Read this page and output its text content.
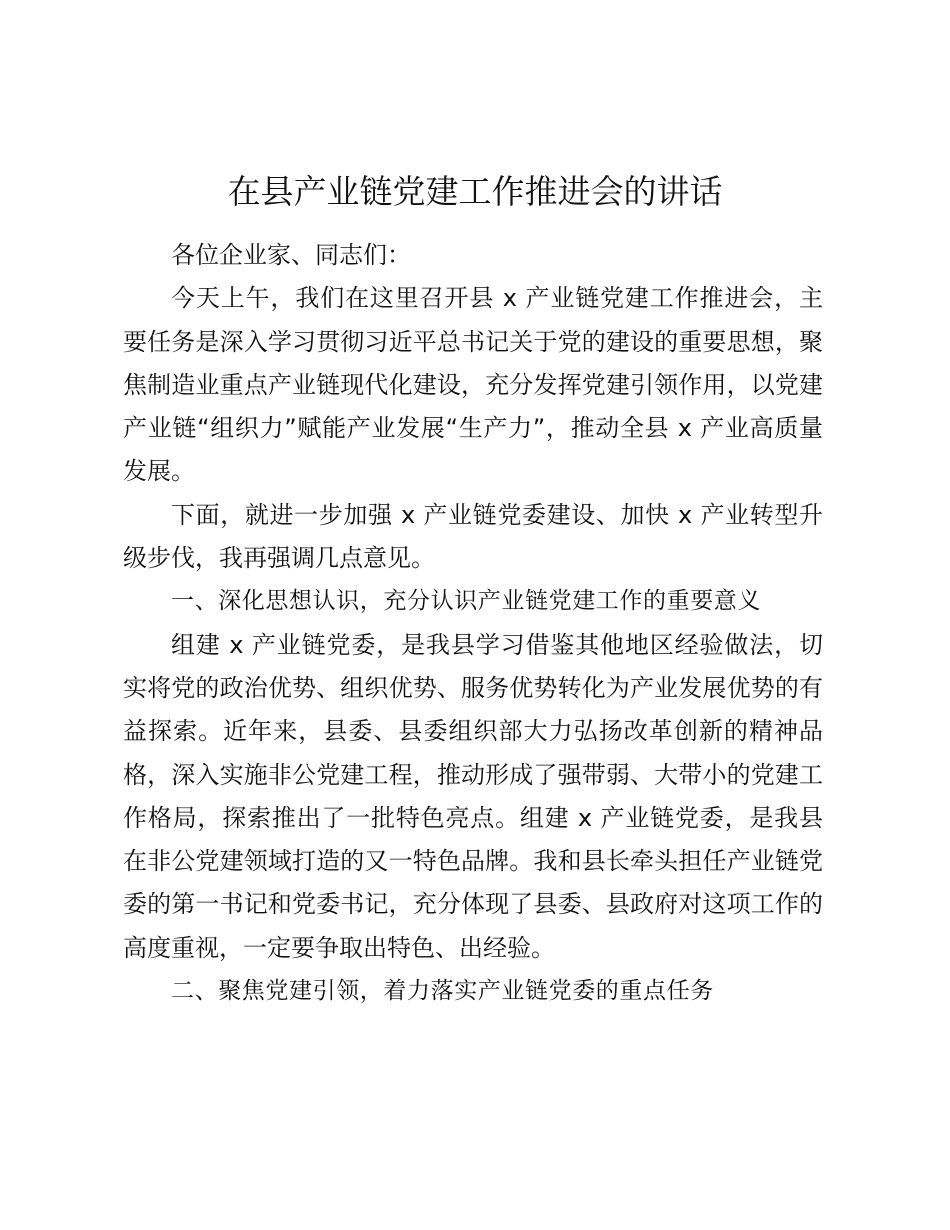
在县产业链党建工作推进会的讲话

各位企业家、同志们：

今天上午，我们在这里召开县 x 产业链党建工作推进会，主要任务是深入学习贯彻习近平总书记关于党的建设的重要思想，聚焦制造业重点产业链现代化建设，充分发挥党建引领作用，以党建产业链“组织力”赋能产业发展“生产力”，推动全县 x 产业高质量发展。

下面，就进一步加强 x 产业链党委建设、加快 x 产业转型升级步伐，我再强调几点意见。

一、深化思想认识，充分认识产业链党建工作的重要意义

组建 x 产业链党委，是我县学习借鉴其他地区经验做法，切实将党的政治优势、组织优势、服务优势转化为产业发展优势的有益探索。近年来，县委、县委组织部大力弘扬改革创新的精神品格，深入实施非公党建工程，推动形成了强带弱、大带小的党建工作格局，探索推出了一批特色亮点。组建 x 产业链党委，是我县在非公党建领域打造的又一特色品牌。我和县长牵头担任产业链党委的第一书记和党委书记，充分体现了县委、县政府对这项工作的高度重视，一定要争取出特色、出经验。

二、聚焦党建引领，着力落实产业链党委的重点任务
